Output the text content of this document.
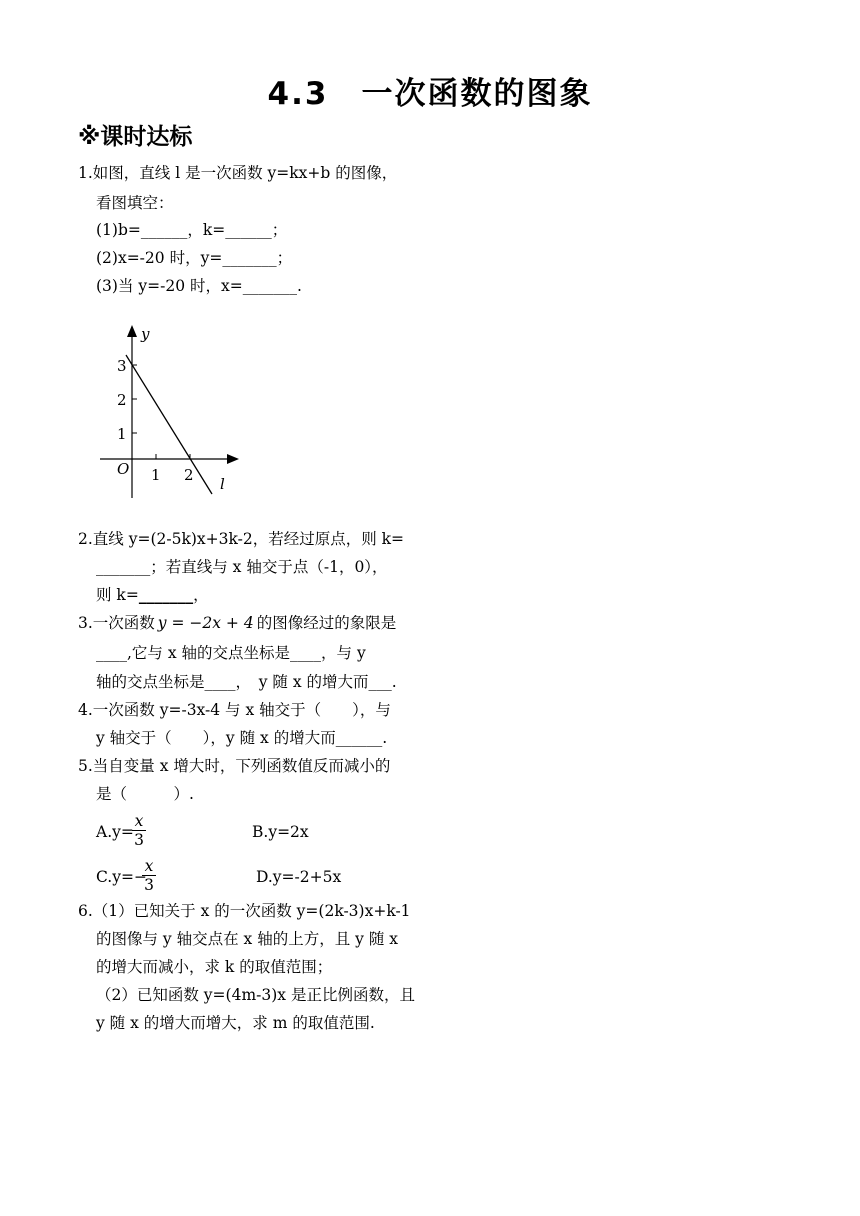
4.3　一次函数的图象
※课时达标
1.如图，直线 l 是一次函数 y=kx+b 的图像，
看图填空：
(1)b=______，k=______；
(2)x=-20 时，y=_______；
(3)当 y=-20 时，x=_______.
y
3
2
1
O 1 2 l
2.直线 y=(2-5k)x+3k-2，若经过原点，则 k=
_______；若直线与 x 轴交于点（-1，0），
则 k=_______，
3.一次函数 y = −2x + 4 的图像经过的象限是
____,它与 x 轴的交点坐标是____，与 y
轴的交点坐标是____，　y 随 x 的增大而___.
4.一次函数 y=-3x-4 与 x 轴交于（　　），与
y 轴交于（　　），y 随 x 的增大而______.
5.当自变量 x 增大时，下列函数值反而减小的
是（　　　）.
A.y=
$\frac{x}{3}$	B.y=2x
C.y=−
$\frac{x}{3}$	D.y=-2+5x
6.（1）已知关于 x 的一次函数 y=(2k-3)x+k-1
的图像与 y 轴交点在 x 轴的上方，且 y 随 x
的增大而减小，求 k 的取值范围；
（2）已知函数 y=(4m-3)x 是正比例函数，且
y 随 x 的增大而增大，求 m 的取值范围.
